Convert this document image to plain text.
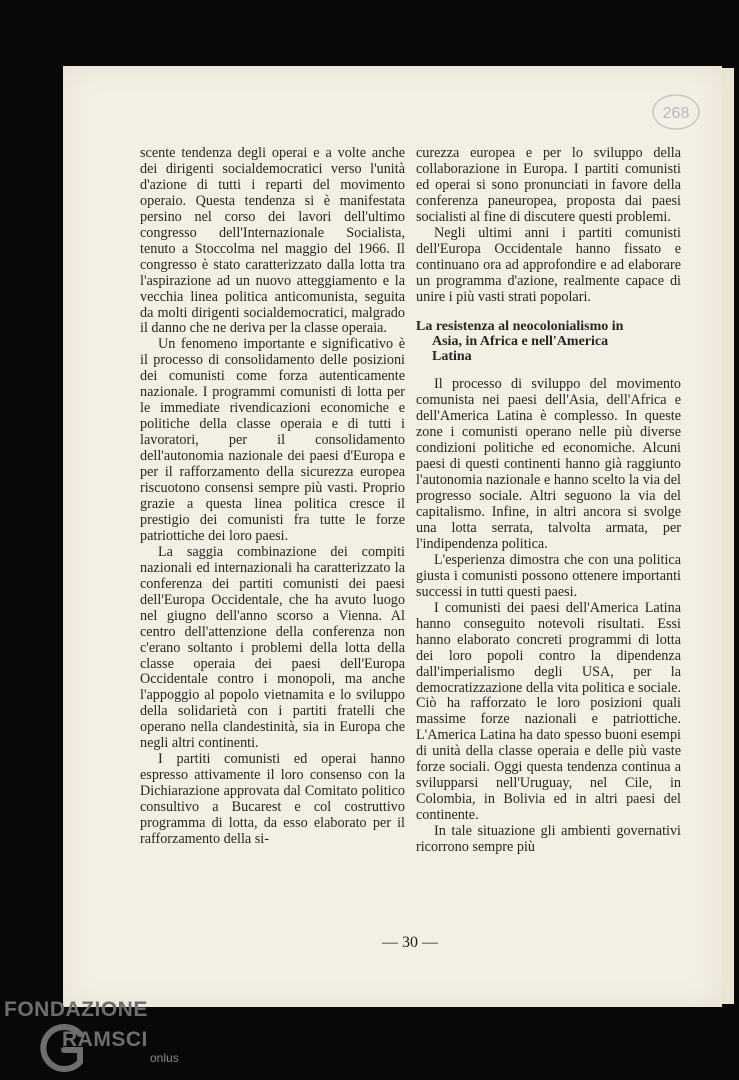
268

scente tendenza degli operai e a volte anche dei dirigenti socialdemocratici verso l'unità d'azione di tutti i reparti del movimento operaio. Questa tendenza si è manifestata persino nel corso dei lavori dell'ultimo congresso dell'Internazionale Socialista, tenuto a Stoccolma nel maggio del 1966. Il congresso è stato caratterizzato dalla lotta tra l'aspirazione ad un nuovo atteggiamento e la vecchia linea politica anticomunista, seguita da molti dirigenti socialdemocratici, malgrado il danno che ne deriva per la classe operaia.

Un fenomeno importante e significativo è il processo di consolidamento delle posizioni dei comunisti come forza autenticamente nazionale. I programmi comunisti di lotta per le immediate rivendicazioni economiche e politiche della classe operaia e di tutti i lavoratori, per il consolidamento dell'autonomia nazionale dei paesi d'Europa e per il rafforzamento della sicurezza europea riscuotono consensi sempre più vasti. Proprio grazie a questa linea politica cresce il prestigio dei comunisti fra tutte le forze patriottiche dei loro paesi.

La saggia combinazione dei compiti nazionali ed internazionali ha caratterizzato la conferenza dei partiti comunisti dei paesi dell'Europa Occidentale, che ha avuto luogo nel giugno dell'anno scorso a Vienna. Al centro dell'attenzione della conferenza non c'erano soltanto i problemi della lotta della classe operaia dei paesi dell'Europa Occidentale contro i monopoli, ma anche l'appoggio al popolo vietnamita e lo sviluppo della solidarietà con i partiti fratelli che operano nella clandestinità, sia in Europa che negli altri continenti.

I partiti comunisti ed operai hanno espresso attivamente il loro consenso con la Dichiarazione approvata dal Comitato politico consultivo a Bucarest e col costruttivo programma di lotta, da esso elaborato per il rafforzamento della si-

curezza europea e per lo sviluppo della collaborazione in Europa. I partiti comunisti ed operai si sono pronunciati in favore della conferenza paneuropea, proposta dai paesi socialisti al fine di discutere questi problemi.

Negli ultimi anni i partiti comunisti dell'Europa Occidentale hanno fissato e continuano ora ad approfondire e ad elaborare un programma d'azione, realmente capace di unire i più vasti strati popolari.

La resistenza al neocolonialismo in
Asia, in Africa e nell'America
Latina

Il processo di sviluppo del movimento comunista nei paesi dell'Asia, dell'Africa e dell'America Latina è complesso. In queste zone i comunisti operano nelle più diverse condizioni politiche ed economiche. Alcuni paesi di questi continenti hanno già raggiunto l'autonomia nazionale e hanno scelto la via del progresso sociale. Altri seguono la via del capitalismo. Infine, in altri ancora si svolge una lotta serrata, talvolta armata, per l'indipendenza politica.

L'esperienza dimostra che con una politica giusta i comunisti possono ottenere importanti successi in tutti questi paesi.

I comunisti dei paesi dell'America Latina hanno conseguito notevoli risultati. Essi hanno elaborato concreti programmi di lotta dei loro popoli contro la dipendenza dall'imperialismo degli USA, per la democratizzazione della vita politica e sociale. Ciò ha rafforzato le loro posizioni quali massime forze nazionali e patriottiche. L'America Latina ha dato spesso buoni esempi di unità della classe operaia e delle più vaste forze sociali. Oggi questa tendenza continua a svilupparsi nell'Uruguay, nel Cile, in Colombia, in Bolivia ed in altri paesi del continente.

In tale situazione gli ambienti governativi ricorrono sempre più

— 30 —
FONDAZIONE
RAMSCI
onlus
